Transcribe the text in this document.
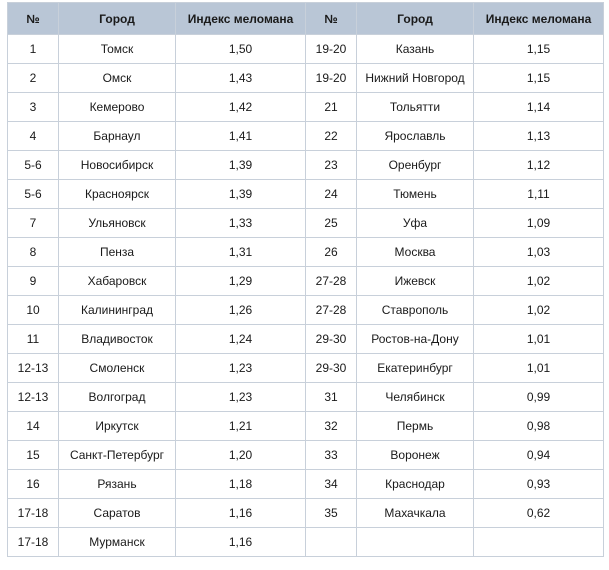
№	Город	Индекс меломана	№	Город	Индекс меломана
1	Томск	1,50	19-20	Казань	1,15
2	Омск	1,43	19-20	Нижний Новгород	1,15
3	Кемерово	1,42	21	Тольятти	1,14
4	Барнаул	1,41	22	Ярославль	1,13
5-6	Новосибирск	1,39	23	Оренбург	1,12
5-6	Красноярск	1,39	24	Тюмень	1,11
7	Ульяновск	1,33	25	Уфа	1,09
8	Пенза	1,31	26	Москва	1,03
9	Хабаровск	1,29	27-28	Ижевск	1,02
10	Калининград	1,26	27-28	Ставрополь	1,02
11	Владивосток	1,24	29-30	Ростов-на-Дону	1,01
12-13	Смоленск	1,23	29-30	Екатеринбург	1,01
12-13	Волгоград	1,23	31	Челябинск	0,99
14	Иркутск	1,21	32	Пермь	0,98
15	Санкт-Петербург	1,20	33	Воронеж	0,94
16	Рязань	1,18	34	Краснодар	0,93
17-18	Саратов	1,16	35	Махачкала	0,62
17-18	Мурманск	1,16			
